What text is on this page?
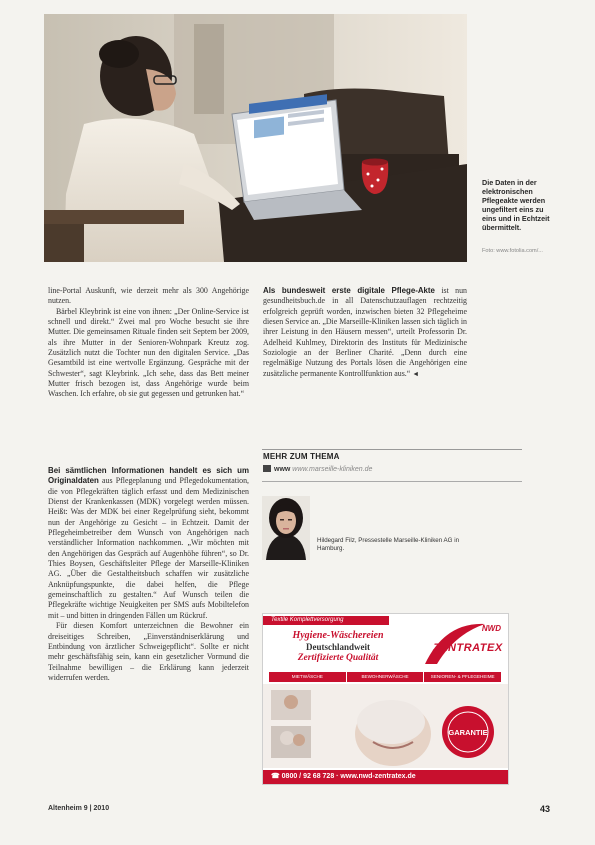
Die Daten in der elektronischen Pflegeakte werden ungefiltert eins zu eins und in Echtzeit übermittelt.
Foto: www.fotolia.com/...

line-Portal Auskunft, wie derzeit mehr als 300 Angehörige nutzen.

Bärbel Kleybrink ist eine von ihnen: „Der Online-Service ist schnell und direkt.“ Zwei mal pro Woche besucht sie ihre Mutter. Die gemeinsamen Rituale finden seit Septem ber 2009, als ihre Mutter in der Senioren-Wohnpark Kreutz zog. Zusätzlich nutzt die Tochter nun den digitalen Service. „Das Gesamtbild ist eine wertvolle Ergänzung. Gespräche mit der Schwester“, sagt Kleybrink. „Ich sehe, dass das Bett meiner Mutter frisch bezogen ist, dass Angehörige wurde beim Waschen. Ich erfahre, ob sie gut gegessen und getrunken hat.“

Bei sämtlichen Informationen handelt es sich um Originaldaten aus Pflegeplanung und Pflegedokumentation, die von Pflegekräften täglich erfasst und dem Medizinischen Dienst der Krankenkassen (MDK) vorgelegt werden müssen. Heißt: Was der MDK bei einer Regelprüfung sieht, bekommt nun der Angehörige zu Gesicht – in Echtzeit. Damit der Pflegeheimbetreiber dem Wunsch von Angehörigen nach verständlicher Information nachkommen. „Wir möchten mit den Angehörigen das Gespräch auf Augenhöhe führen“, so Dr. Thies Boysen, Geschäftsleiter Pflege der Marseille-Kliniken AG. „Über die Gestaltheitsbuch schaffen wir zusätzliche Anknüpfungspunkte, die dabei helfen, die Pflege gemeinschaftlich zu gestalten.“ Auf Wunsch teilen die Pflegekräfte wichtige Neuigkeiten per SMS aufs Mobiltelefon mit – und bitten in dringenden Fällen um Rückruf.

Für diesen Komfort unterzeichnen die Bewohner ein dreiseitiges Schreiben, „Einverständniserklärung und Entbindung von ärztlicher Schweigepflicht“. Sollte er nicht mehr geschäftsfähig sein, kann ein gesetzlicher Vormund die Teilnahme bewilligen – die Erklärung kann jederzeit widerrufen werden.

Als bundesweit erste digitale Pflege-Akte ist nun gesundheitsbuch.de in all Datenschutzauflagen rechtzeitig erfolgreich geprüft worden, inzwischen bieten 32 Pflegeheime diesen Service an. „Die Marseille-Kliniken lassen sich täglich in ihrer Leistung in den Häusern messen“, urteilt Professorin Dr. Adelheid Kuhlmey, Direktorin des Instituts für Medizinische Soziologie an der Berliner Charité. „Denn durch eine regelmäßige Nutzung des Portals lösen die Angehörigen eine zusätzliche permanente Kontrollfunktion aus.“ ◄

MEHR ZUM THEMA
www www.marseille-kliniken.de
Hildegard Filz, Pressestelle Marseille-Kliniken AG in Hamburg.
Textile Komplettversorgung
Hygiene-Wäschereien
Deutschlandweit
Zertifizierte Qualität
NWD
ZENTRATEX
MIETWÄSCHE	BEWOHNERWÄSCHE	SENIOREN- & PFLEGEHEIME
GARANTIE
☎ 0800 / 92 68 728 · www.nwd-zentratex.de
Altenheim 9 | 2010	43
